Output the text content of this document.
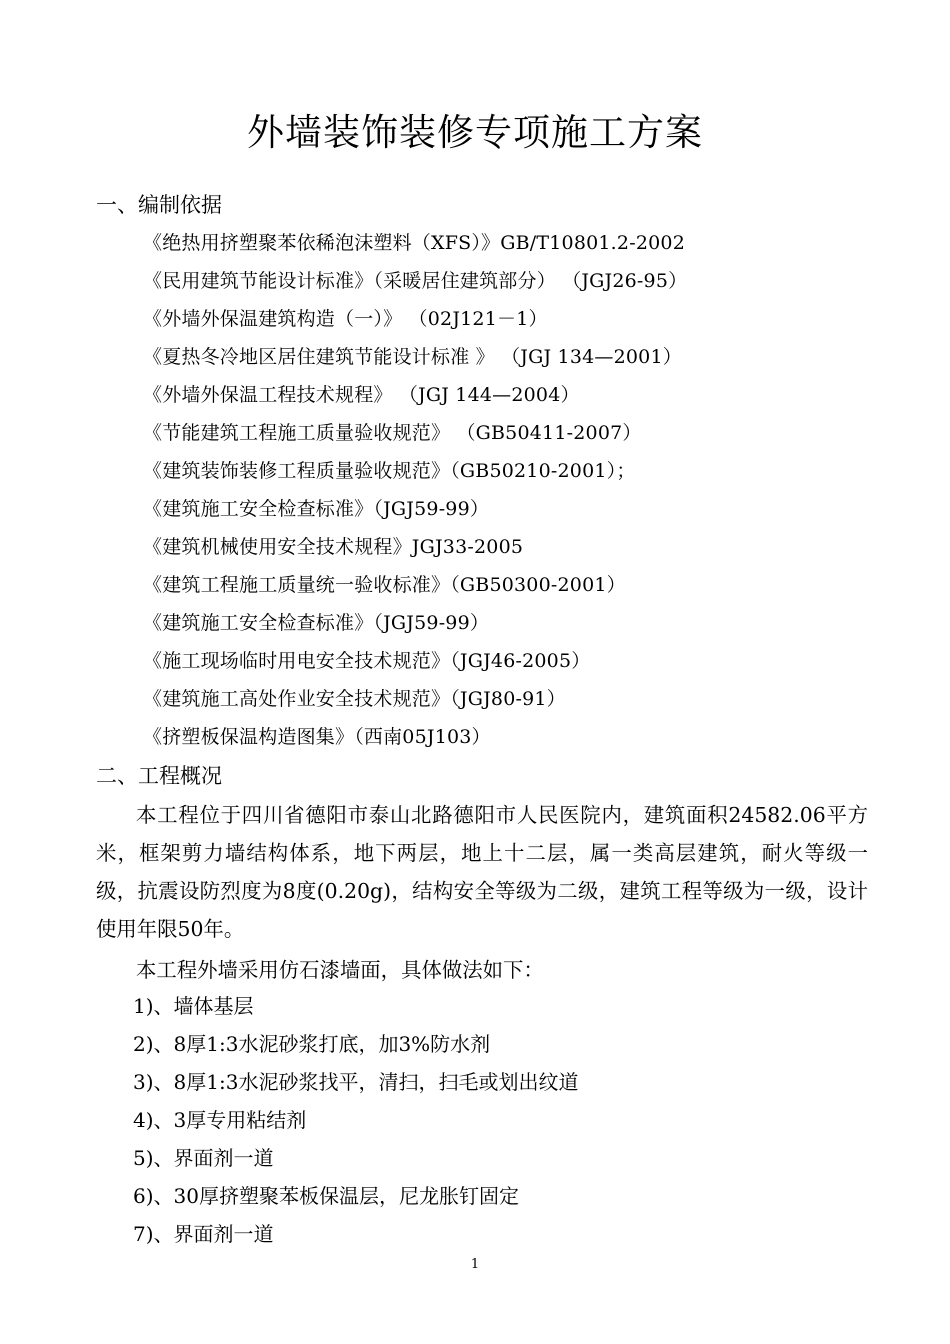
外墙装饰装修专项施工方案
一、编制依据
《绝热用挤塑聚苯依稀泡沫塑料（XFS）》GB/T10801.2-2002
《民用建筑节能设计标准》（采暖居住建筑部分） （JGJ26-95）
《外墙外保温建筑构造（一）》 （02J121－1）
《夏热冬冷地区居住建筑节能设计标准 》 （JGJ 134—2001）
《外墙外保温工程技术规程》 （JGJ 144—2004）
《节能建筑工程施工质量验收规范》 （GB50411-2007）
《建筑装饰装修工程质量验收规范》（GB50210-2001）；
《建筑施工安全检查标准》（JGJ59-99）
《建筑机械使用安全技术规程》JGJ33-2005
《建筑工程施工质量统一验收标准》（GB50300-2001）
《建筑施工安全检查标准》（JGJ59-99）
《施工现场临时用电安全技术规范》（JGJ46-2005）
《建筑施工高处作业安全技术规范》（JGJ80-91）
《挤塑板保温构造图集》（西南05J103）
二、工程概况

本工程位于四川省德阳市泰山北路德阳市人民医院内，建筑面积24582.06平方米，框架剪力墙结构体系，地下两层，地上十二层，属一类高层建筑，耐火等级一级，抗震设防烈度为8度(0.20g)，结构安全等级为二级，建筑工程等级为一级，设计使用年限50年。

本工程外墙采用仿石漆墙面，具体做法如下：

1)、墙体基层
2)、8厚1:3水泥砂浆打底，加3%防水剂
3)、8厚1:3水泥砂浆找平，清扫，扫毛或划出纹道
4)、3厚专用粘结剂
5)、界面剂一道
6)、30厚挤塑聚苯板保温层，尼龙胀钉固定
7)、界面剂一道
1
